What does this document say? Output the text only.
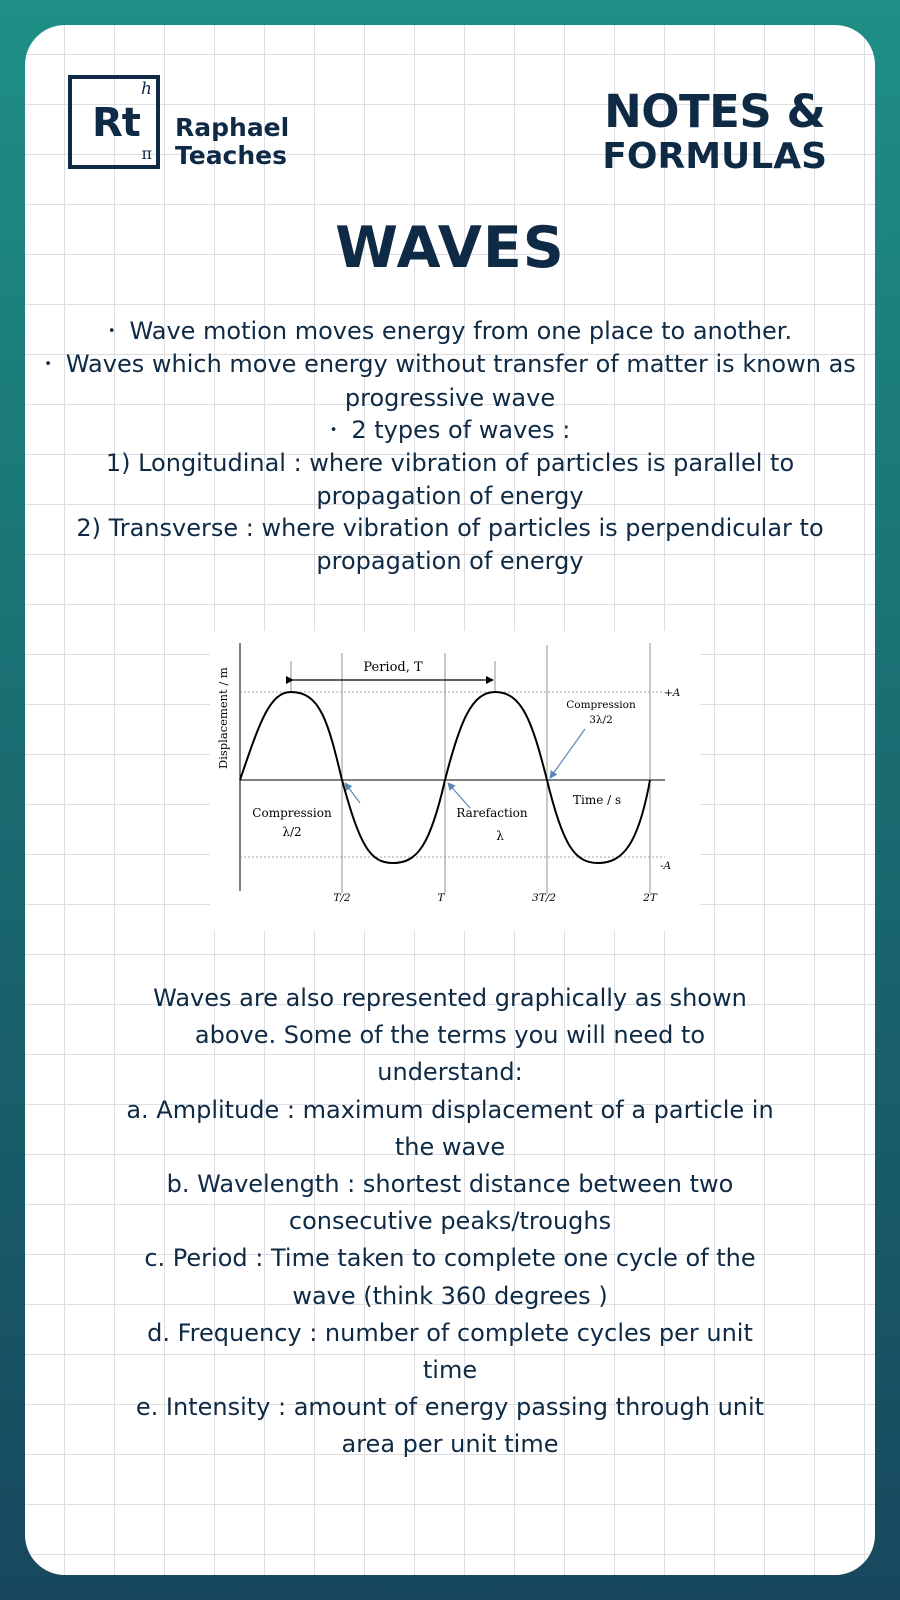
Rt
h
π
Raphael
Teaches
NOTES &
FORMULAS
WAVES
• Wave motion moves energy from one place to another.
• Waves which move energy without transfer of matter is known as progressive wave
• 2 types of waves :
1) Longitudinal : where vibration of particles is parallel to propagation of energy
2) Transverse : where vibration of particles is perpendicular to propagation of energy
Displacement / m	Period, T
+A
-A
Time / s
Compression
λ/2
Rarefaction
λ
Compression
3λ/2
T/2	T	3T/2	2T
Waves are also represented graphically as shown above. Some of the terms you will need to understand:
a. Amplitude : maximum displacement of a particle in the wave
b. Wavelength : shortest distance between two consecutive peaks/troughs
c. Period : Time taken to complete one cycle of the wave (think 360 degrees )
d. Frequency : number of complete cycles per unit time
e. Intensity : amount of energy passing through unit area per unit time
